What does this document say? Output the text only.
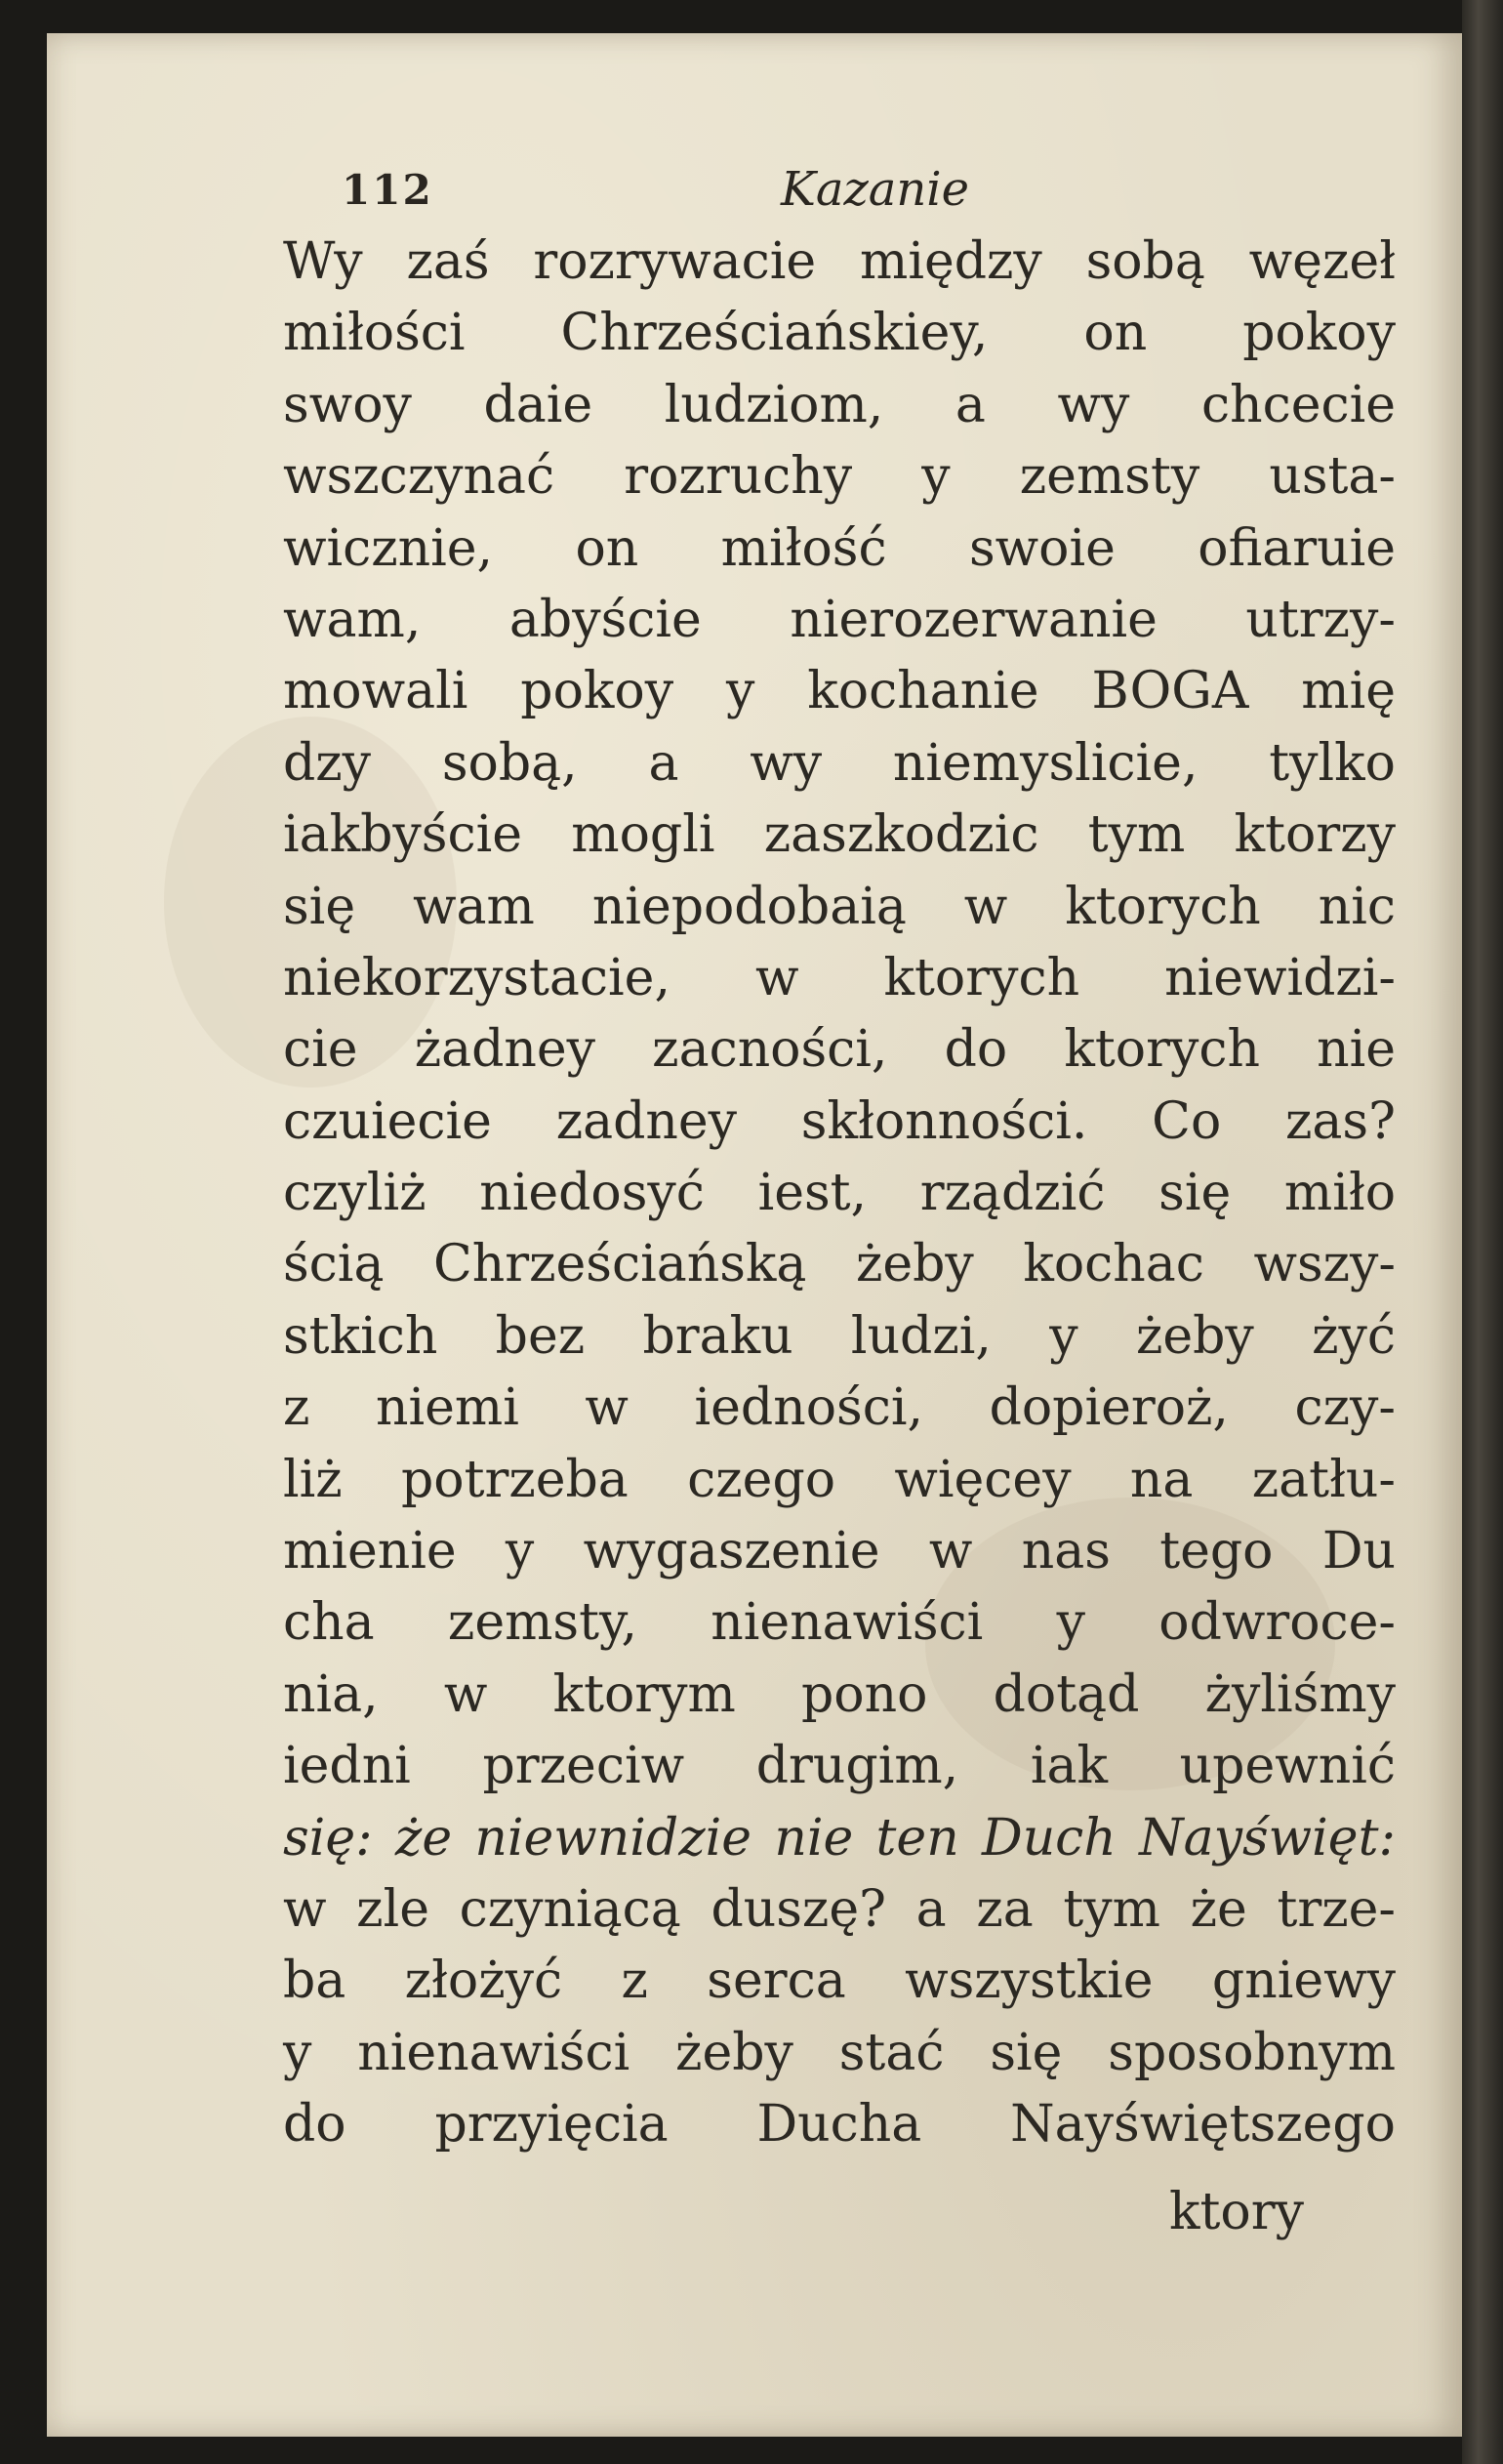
112	Kazanie
Wy zaś rozrywacie między sobą węzeł
miłości Chrześciańskiey, on pokoy
swoy daie ludziom, a wy chcecie
wszczynać rozruchy y zemsty usta-
wicznie, on miłość swoie ofiaruie
wam, abyście nierozerwanie utrzy-
mowali pokoy y kochanie BOGA mię
dzy sobą, a wy niemyslicie, tylko
iakbyście mogli zaszkodzic tym ktorzy
się wam niepodobaią w ktorych nic
niekorzystacie, w ktorych niewidzi-
cie żadney zacności, do ktorych nie
czuiecie zadney skłonności. Co zas?
czyliż niedosyć iest, rządzić się miło
ścią Chrześciańską żeby kochac wszy-
stkich bez braku ludzi, y żeby żyć
z niemi w iedności, dopieroż, czy-
liż potrzeba czego więcey na zatłu-
mienie y wygaszenie w nas tego Du
cha zemsty, nienawiści y odwroce-
nia, w ktorym pono dotąd żyliśmy
iedni przeciw drugim, iak upewnić
się: że niewnidzie nie ten Duch Nayświęt:
w zle czyniącą duszę? a za tym że trze-
ba złożyć z serca wszystkie gniewy
y nienawiści żeby stać się sposobnym
do przyięcia Ducha Nayświętszego
ktory
